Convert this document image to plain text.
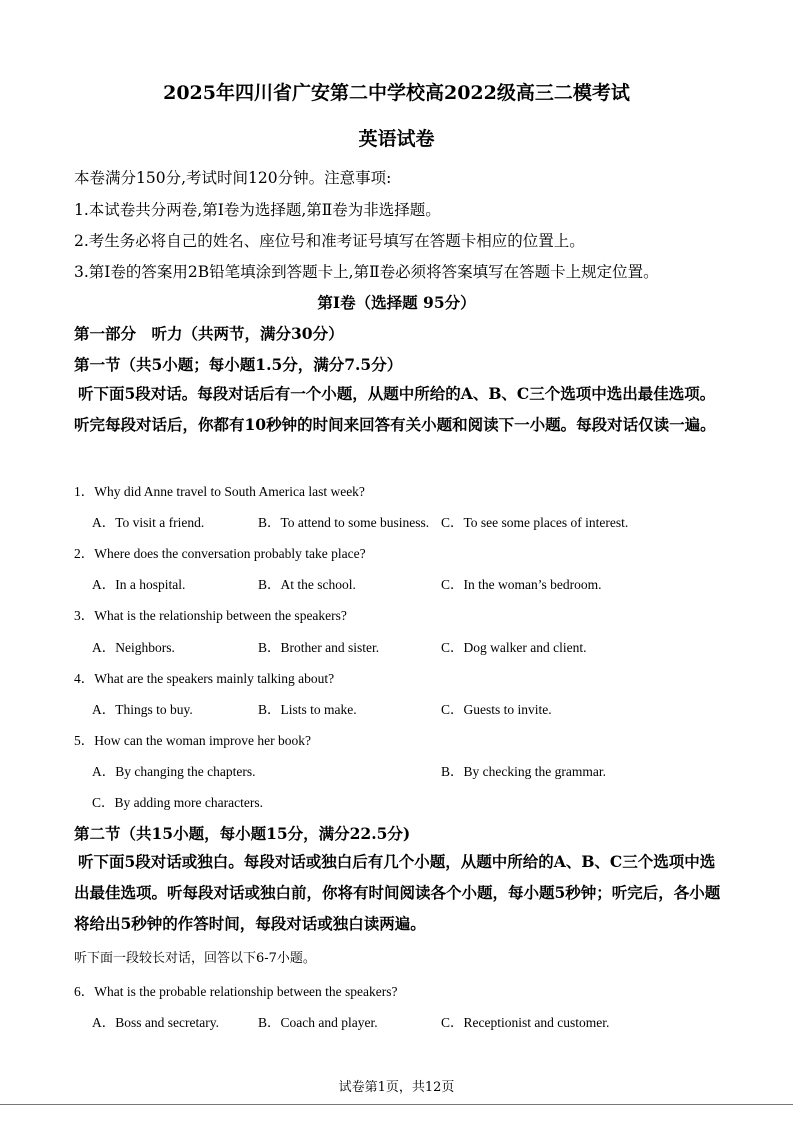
2025年四川省广安第二中学校高2022级高三二模考试
英语试卷
本卷满分150分,考试时间120分钟。注意事项:
1.本试卷共分两卷,第Ⅰ卷为选择题,第Ⅱ卷为非选择题。
2.考生务必将自己的姓名、座位号和准考证号填写在答题卡相应的位置上。
3.第Ⅰ卷的答案用2B铅笔填涂到答题卡上,第Ⅱ卷必须将答案填写在答题卡上规定位置。
第Ⅰ卷（选择题 95分）
第一部分　听力（共两节，满分30分）
第一节（共5小题；每小题1.5分，满分7.5分）
听下面5段对话。每段对话后有一个小题，从题中所给的A、B、C三个选项中选出最佳选项。听完每段对话后，你都有10秒钟的时间来回答有关小题和阅读下一小题。每段对话仅读一遍。
1．Why did Anne travel to South America last week?
A．To visit a friend.	B．To attend to some business. C．To see some places of interest.
2．Where does the conversation probably take place?
A．In a hospital.	B．At the school.	C．In the woman’s bedroom.
3．What is the relationship between the speakers?
A．Neighbors.	B．Brother and sister.	C．Dog walker and client.
4．What are the speakers mainly talking about?
A．Things to buy.	B．Lists to make.	C．Guests to invite.
5．How can the woman improve her book?
A．By changing the chapters.	B．By checking the grammar.
C．By adding more characters.
第二节（共15小题，每小题15分，满分22.5分)
听下面5段对话或独白。每段对话或独白后有几个小题，从题中所给的A、B、C三个选项中选出最佳选项。听每段对话或独白前，你将有时间阅读各个小题，每小题5秒钟；听完后，各小题将给出5秒钟的作答时间，每段对话或独白读两遍。
听下面一段较长对话，回答以下6-7小题。
6．What is the probable relationship between the speakers?
A．Boss and secretary.	B．Coach and player.	C．Receptionist and customer.
试卷第1页，共12页
